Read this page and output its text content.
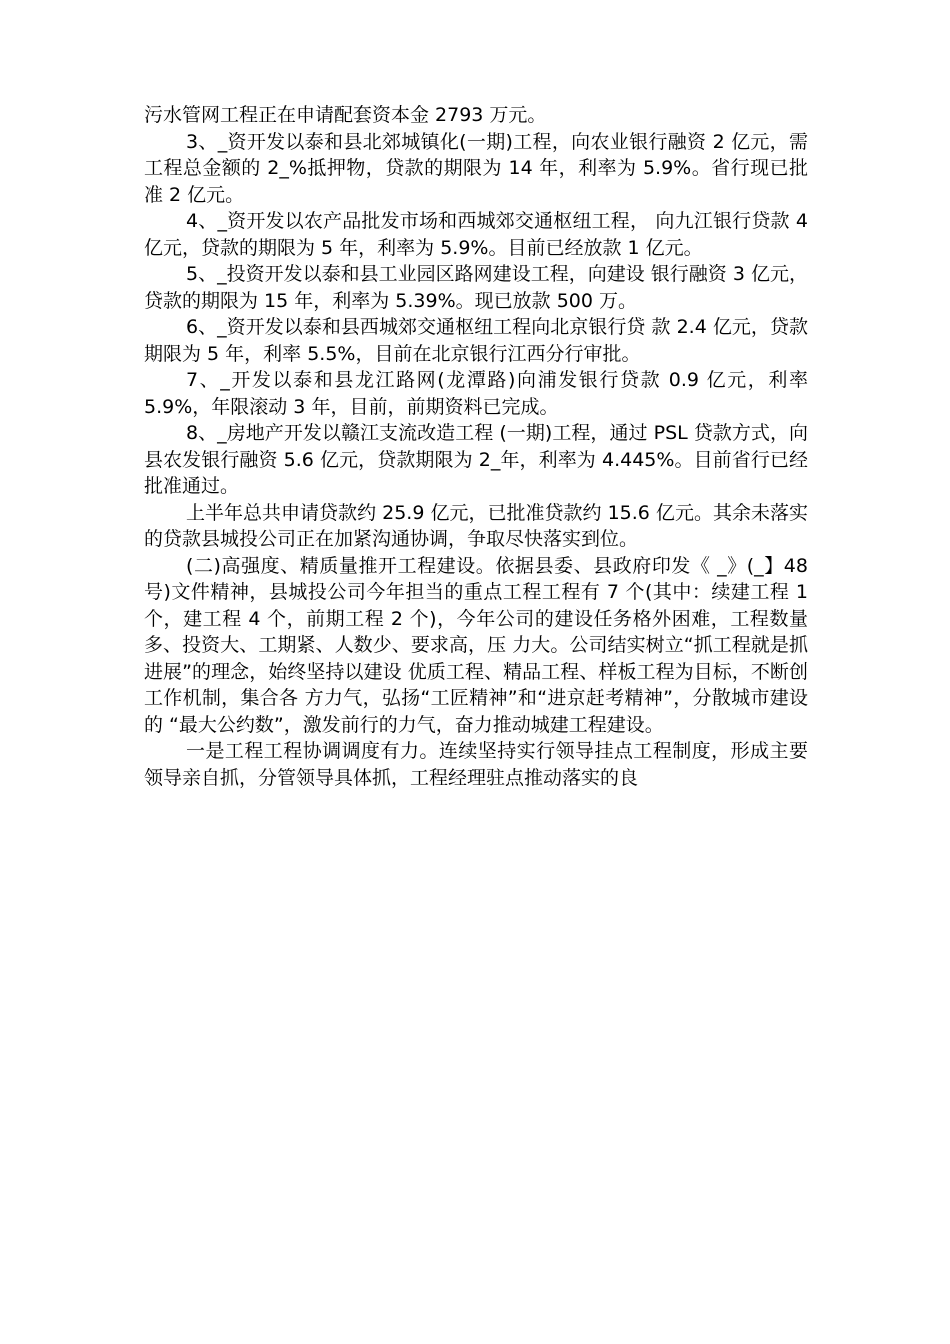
污水管网工程正在申请配套资本金 2793 万元。

3、_资开发以泰和县北郊城镇化(一期)工程，向农业银行融资 2 亿元，需工程总金额的 2_%抵押物，贷款的期限为 14 年，利率为 5.9%。省行现已批准 2 亿元。

4、_资开发以农产品批发市场和西城郊交通枢纽工程， 向九江银行贷款 4 亿元，贷款的期限为 5 年，利率为 5.9%。目前已经放款 1 亿元。

5、_投资开发以泰和县工业园区路网建设工程，向建设 银行融资 3 亿元，贷款的期限为 15 年，利率为 5.39%。现已放款 500 万。

6、_资开发以泰和县西城郊交通枢纽工程向北京银行贷 款 2.4 亿元，贷款期限为 5 年，利率 5.5%，目前在北京银行江西分行审批。

7、_开发以泰和县龙江路网(龙潭路)向浦发银行贷款 0.9 亿元，利率 5.9%，年限滚动 3 年，目前，前期资料已完成。

8、_房地产开发以赣江支流改造工程 (一期)工程，通过 PSL 贷款方式，向县农发银行融资 5.6 亿元，贷款期限为 2_年，利率为 4.445%。目前省行已经批准通过。

上半年总共申请贷款约 25.9 亿元，已批准贷款约 15.6 亿元。其余未落实的贷款县城投公司正在加紧沟通协调，争取尽快落实到位。

(二)高强度、精质量推开工程建设。依据县委、县政府印发《 _》(_】48 号)文件精神，县城投公司今年担当的重点工程工程有 7 个(其中：续建工程 1 个，建工程 4 个，前期工程 2 个)，今年公司的建设任务格外困难，工程数量多、投资大、工期紧、人数少、要求高，压 力大。公司结实树立“抓工程就是抓进展”的理念，始终坚持以建设 优质工程、精品工程、样板工程为目标，不断创工作机制，集合各 方力气，弘扬“工匠精神”和“进京赶考精神”，分散城市建设的 “最大公约数”，激发前行的力气，奋力推动城建工程建设。

一是工程工程协调调度有力。连续坚持实行领导挂点工程制度，形成主要领导亲自抓，分管领导具体抓，工程经理驻点推动落实的良
